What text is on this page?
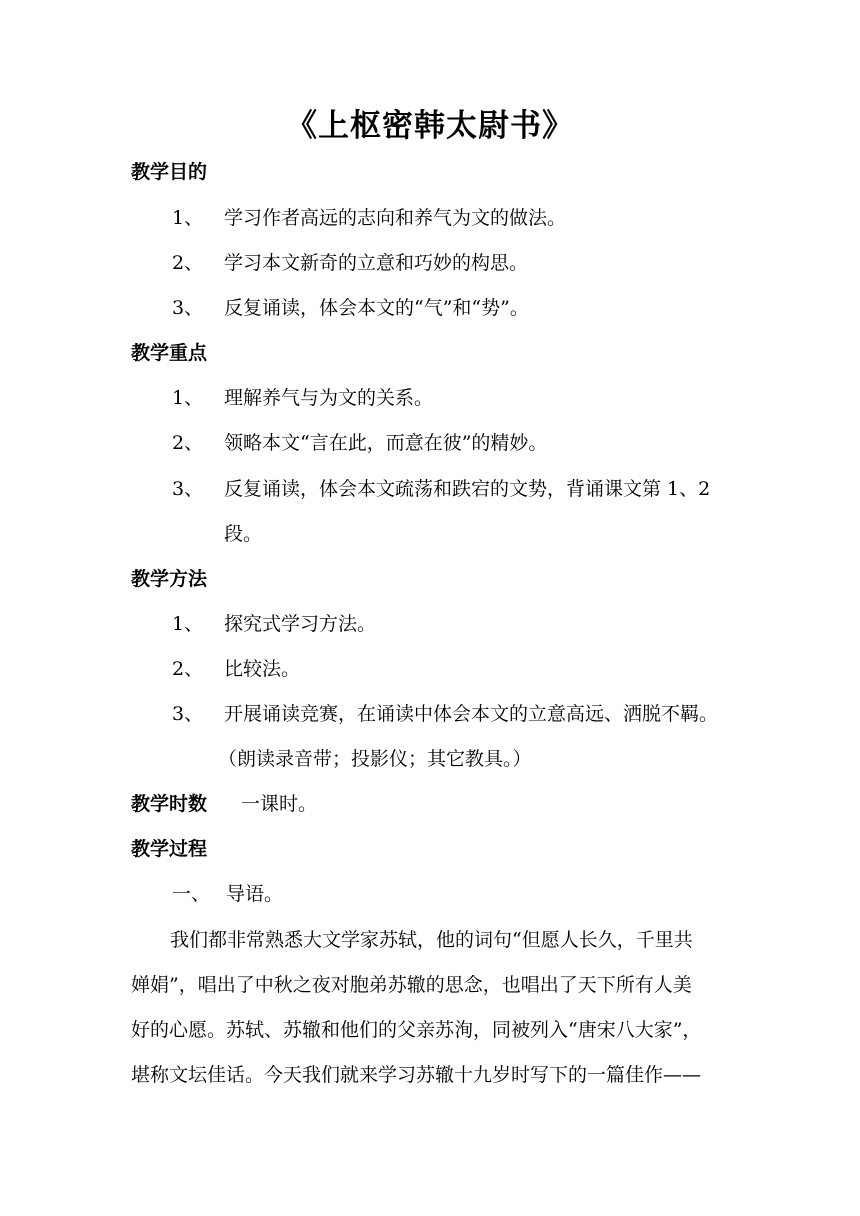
《上枢密韩太尉书》
教学目的
1、 学习作者高远的志向和养气为文的做法。
2、 学习本文新奇的立意和巧妙的构思。
3、 反复诵读，体会本文的“气”和“势”。
教学重点
1、 理解养气与为文的关系。
2、 领略本文“言在此，而意在彼”的精妙。
3、 反复诵读，体会本文疏荡和跌宕的文势，背诵课文第 1、2
段。
教学方法
1、 探究式学习方法。
2、 比较法。
3、 开展诵读竞赛，在诵读中体会本文的立意高远、洒脱不羁。
（朗读录音带；投影仪；其它教具。）
教学时数 一课时。
教学过程
一、 导语。
我们都非常熟悉大文学家苏轼，他的词句“但愿人长久，千里共
婵娟”，唱出了中秋之夜对胞弟苏辙的思念，也唱出了天下所有人美
好的心愿。苏轼、苏辙和他们的父亲苏洵，同被列入“唐宋八大家”，
堪称文坛佳话。今天我们就来学习苏辙十九岁时写下的一篇佳作——
